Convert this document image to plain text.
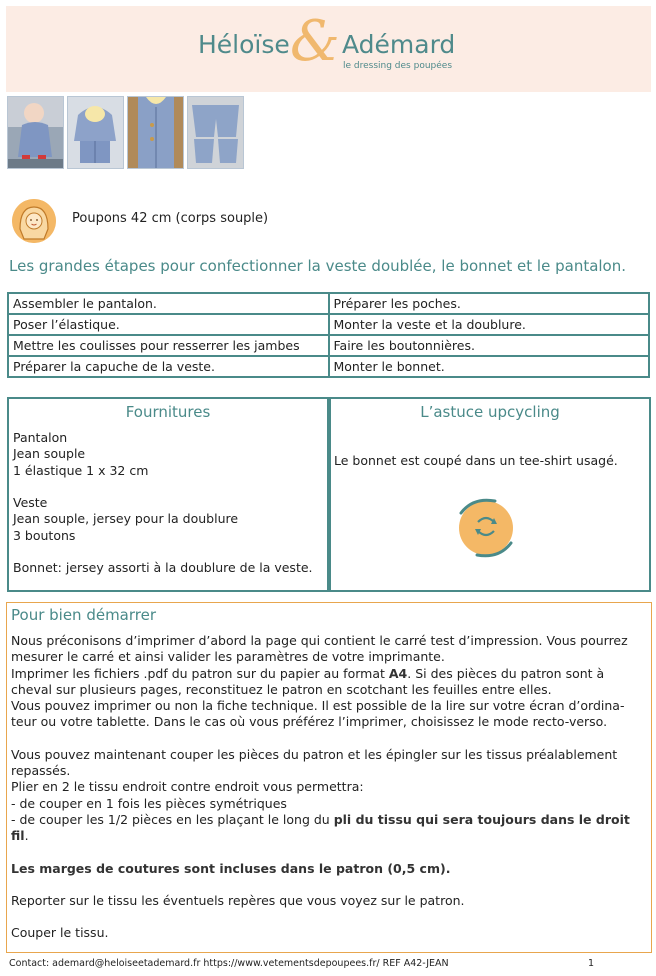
Héloïse & Adémard
le dressing des poupées
Poupons 42 cm (corps souple)
Les grandes étapes pour confectionner la veste doublée, le bonnet et le pantalon.
Assembler le pantalon.	Préparer les poches.
Poser l’élastique.	Monter la veste et la doublure.
Mettre les coulisses pour resserrer les jambes	Faire les boutonnières.
Préparer la capuche de la veste.	Monter le bonnet.
Fournitures
Pantalon
Jean souple
1 élastique 1 x 32 cm

Veste
Jean souple, jersey pour la doublure
3 boutons

Bonnet: jersey assorti à la doublure de la veste.
L’astuce upcycling
Le bonnet est coupé dans un tee-shirt usagé.
Pour bien démarrer

Nous préconisons d’imprimer d’abord la page qui contient le carré test d’impression. Vous pourrez mesurer le carré et ainsi valider les paramètres de votre imprimante.

Imprimer les fichiers .pdf du patron sur du papier au format A4. Si des pièces du patron sont à cheval sur plusieurs pages, reconstituez le patron en scotchant les feuilles entre elles.

Vous pouvez imprimer ou non la fiche technique. Il est possible de la lire sur votre écran d’ordina-teur ou votre tablette. Dans le cas où vous préférez l’imprimer, choisissez le mode recto-verso.

Vous pouvez maintenant couper les pièces du patron et les épingler sur les tissus préalablement repassés.

Plier en 2 le tissu endroit contre endroit vous permettra:

- de couper en 1 fois les pièces symétriques

- de couper les 1/2 pièces en les plaçant le long du pli du tissu qui sera toujours dans le droit fil.

Les marges de coutures sont incluses dans le patron (0,5 cm).

Reporter sur le tissu les éventuels repères que vous voyez sur le patron.

Couper le tissu.

Contact: ademard@heloiseetademard.fr https://www.vetementsdepoupees.fr/ REF A42-JEAN	1
